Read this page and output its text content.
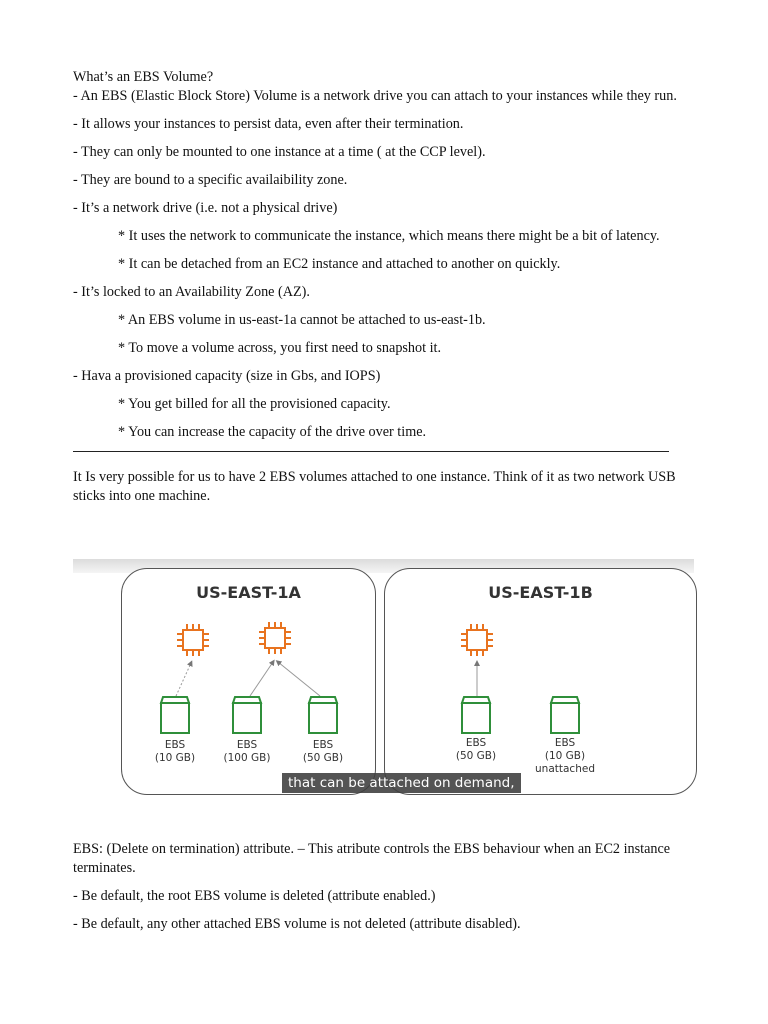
What’s an EBS Volume?

- An EBS (Elastic Block Store) Volume is a network drive you can attach to your instances while they run.

- It allows your instances to persist data, even after their termination.

- They can only be mounted to one instance at a time ( at the CCP level).

- They are bound to a specific availaibility zone.

- It’s a network drive (i.e. not a physical drive)

* It uses the network to communicate the instance, which means there might be a bit of latency.

* It can be detached from an EC2 instance and attached to another on quickly.

- It’s locked to an Availability Zone (AZ).

* An EBS volume in us-east-1a cannot be attached to us-east-1b.

* To move a volume across, you first need to snapshot it.

- Hava a provisioned capacity (size in Gbs, and IOPS)

* You get billed for all the provisioned capacity.

* You can increase the capacity of the drive over time.

It Is very possible for us to have 2 EBS volumes attached to one instance. Think of it as two network USB sticks into one machine.

US-EAST-1A	US-EAST-1B
EBS
(10 GB)
EBS
(100 GB)
EBS
(50 GB)
EBS
(50 GB)
EBS
(10 GB)
unattached
that can be attached on demand,

EBS: (Delete on termination) attribute. – This atribute controls the EBS behaviour when an EC2 instance terminates.

- Be default, the root EBS volume is deleted (attribute enabled.)

- Be default, any other attached EBS volume is not deleted (attribute disabled).
